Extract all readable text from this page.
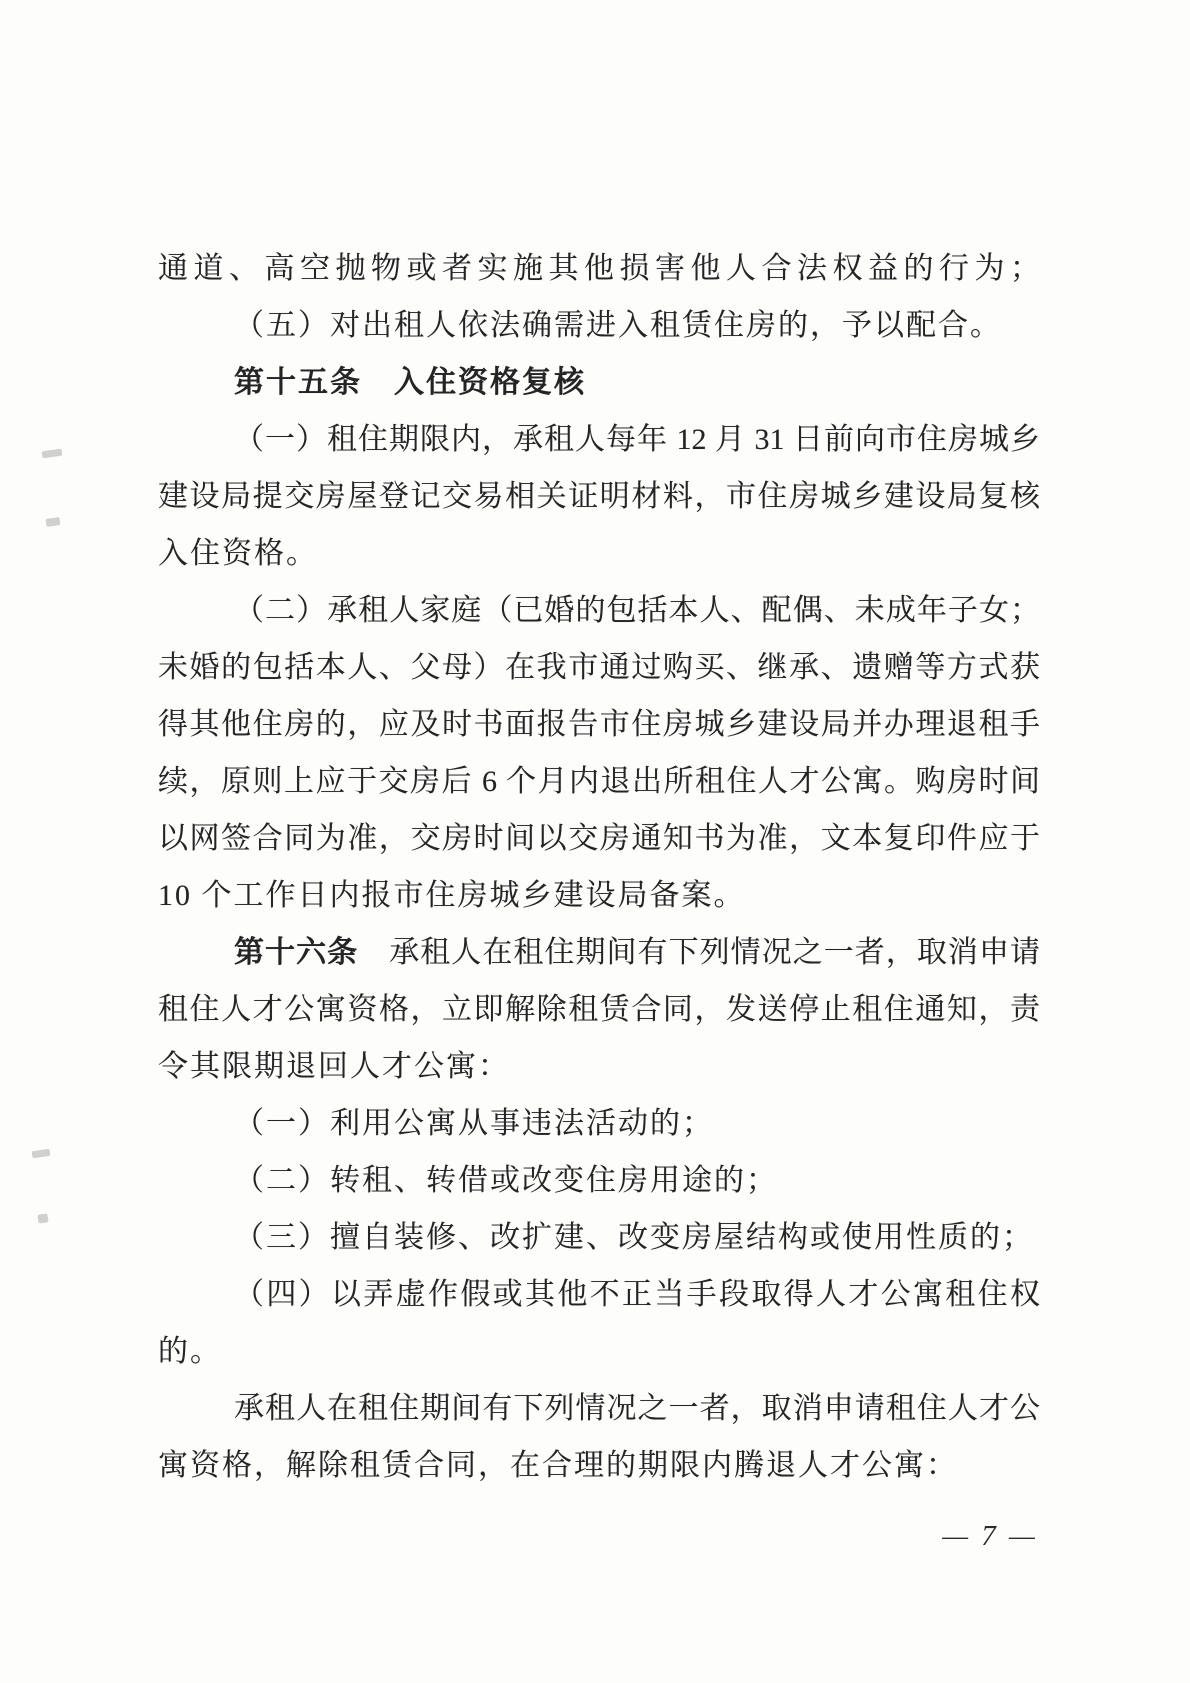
通道、高空抛物或者实施其他损害他人合法权益的行为；
（五）对出租人依法确需进入租赁住房的，予以配合。
第十五条　入住资格复核
（一）租住期限内，承租人每年 12 月 31 日前向市住房城乡
建设局提交房屋登记交易相关证明材料，市住房城乡建设局复核
入住资格。
（二）承租人家庭（已婚的包括本人、配偶、未成年子女；
未婚的包括本人、父母）在我市通过购买、继承、遗赠等方式获
得其他住房的，应及时书面报告市住房城乡建设局并办理退租手
续，原则上应于交房后 6 个月内退出所租住人才公寓。购房时间
以网签合同为准，交房时间以交房通知书为准，文本复印件应于
10 个工作日内报市住房城乡建设局备案。
第十六条　承租人在租住期间有下列情况之一者，取消申请
租住人才公寓资格，立即解除租赁合同，发送停止租住通知，责
令其限期退回人才公寓：
（一）利用公寓从事违法活动的；
（二）转租、转借或改变住房用途的；
（三）擅自装修、改扩建、改变房屋结构或使用性质的；
（四）以弄虚作假或其他不正当手段取得人才公寓租住权
的。
承租人在租住期间有下列情况之一者，取消申请租住人才公
寓资格，解除租赁合同，在合理的期限内腾退人才公寓：
— 7 —
